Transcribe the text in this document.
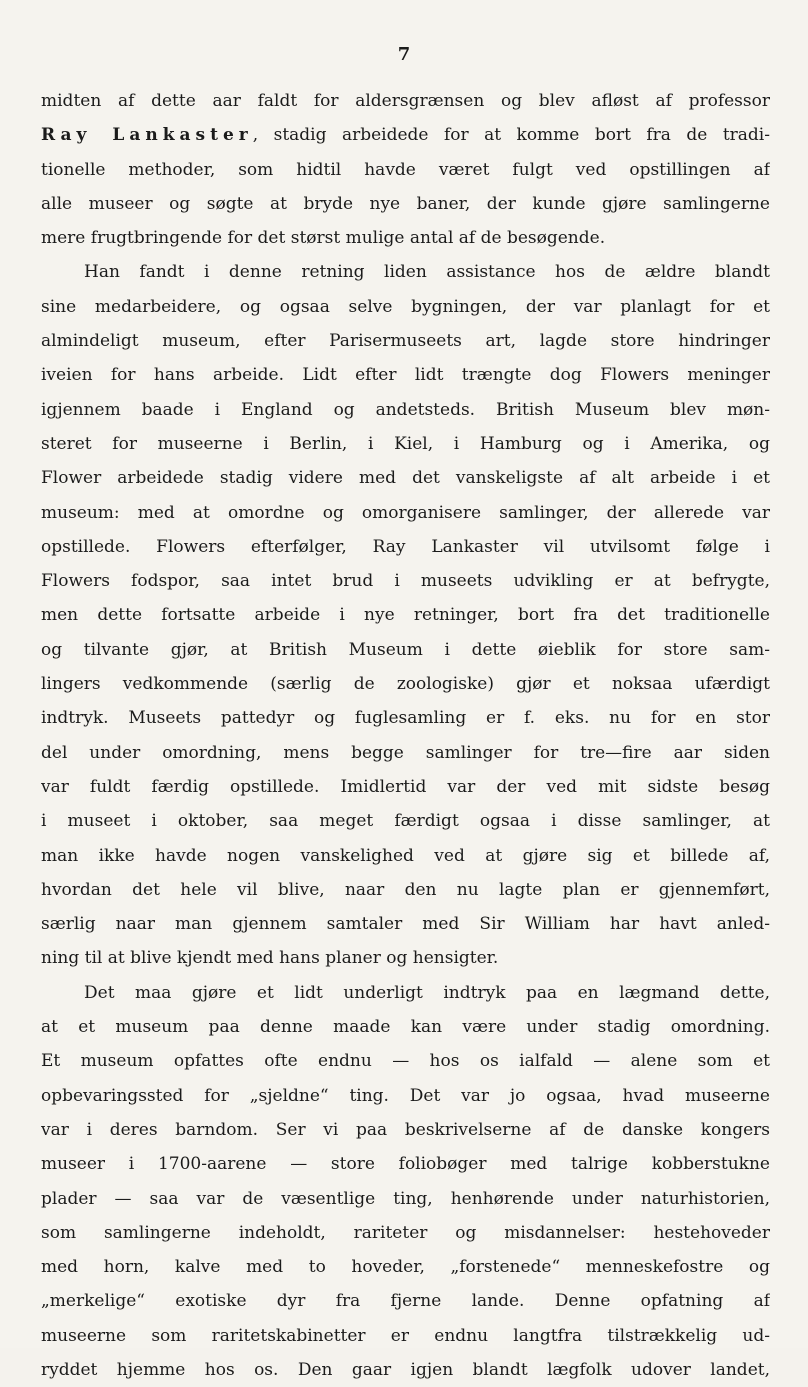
7
midten af dette aar faldt for aldersgrænsen og blev afløst af professor
Ray Lankaster, stadig arbeidede for at komme bort fra de tradi-
tionelle methoder, som hidtil havde været fulgt ved opstillingen af
alle museer og søgte at bryde nye baner, der kunde gjøre samlingerne
mere frugtbringende for det størst mulige antal af de besøgende.
Han fandt i denne retning liden assistance hos de ældre blandt
sine medarbeidere, og ogsaa selve bygningen, der var planlagt for et
almindeligt museum, efter Parisermuseets art, lagde store hindringer
iveien for hans arbeide. Lidt efter lidt trængte dog Flowers meninger
igjennem baade i England og andetsteds. British Museum blev møn-
steret for museerne i Berlin, i Kiel, i Hamburg og i Amerika, og
Flower arbeidede stadig videre med det vanskeligste af alt arbeide i et
museum: med at omordne og omorganisere samlinger, der allerede var
opstillede. Flowers efterfølger, Ray Lankaster vil utvilsomt følge i
Flowers fodspor, saa intet brud i museets udvikling er at befrygte,
men dette fortsatte arbeide i nye retninger, bort fra det traditionelle
og tilvante gjør, at British Museum i dette øieblik for store sam-
lingers vedkommende (særlig de zoologiske) gjør et noksaa ufærdigt
indtryk. Museets pattedyr og fuglesamling er f. eks. nu for en stor
del under omordning, mens begge samlinger for tre—fire aar siden
var fuldt færdig opstillede. Imidlertid var der ved mit sidste besøg
i museet i oktober, saa meget færdigt ogsaa i disse samlinger, at
man ikke havde nogen vanskelighed ved at gjøre sig et billede af,
hvordan det hele vil blive, naar den nu lagte plan er gjennemført,
særlig naar man gjennem samtaler med Sir William har havt anled-
ning til at blive kjendt med hans planer og hensigter.
Det maa gjøre et lidt underligt indtryk paa en lægmand dette,
at et museum paa denne maade kan være under stadig omordning.
Et museum opfattes ofte endnu — hos os ialfald — alene som et
opbevaringssted for „sjeldne“ ting. Det var jo ogsaa, hvad museerne
var i deres barndom. Ser vi paa beskrivelserne af de danske kongers
museer i 1700-aarene — store foliobøger med talrige kobberstukne
plader — saa var de væsentlige ting, henhørende under naturhistorien,
som samlingerne indeholdt, rariteter og misdannelser: hestehoveder
med horn, kalve med to hoveder, „forstenede“ menneskefostre og
„merkelige“ exotiske dyr fra fjerne lande. Denne opfatning af
museerne som raritetskabinetter er endnu langtfra tilstrækkelig ud-
ryddet hjemme hos os. Den gaar igjen blandt lægfolk udover landet,
